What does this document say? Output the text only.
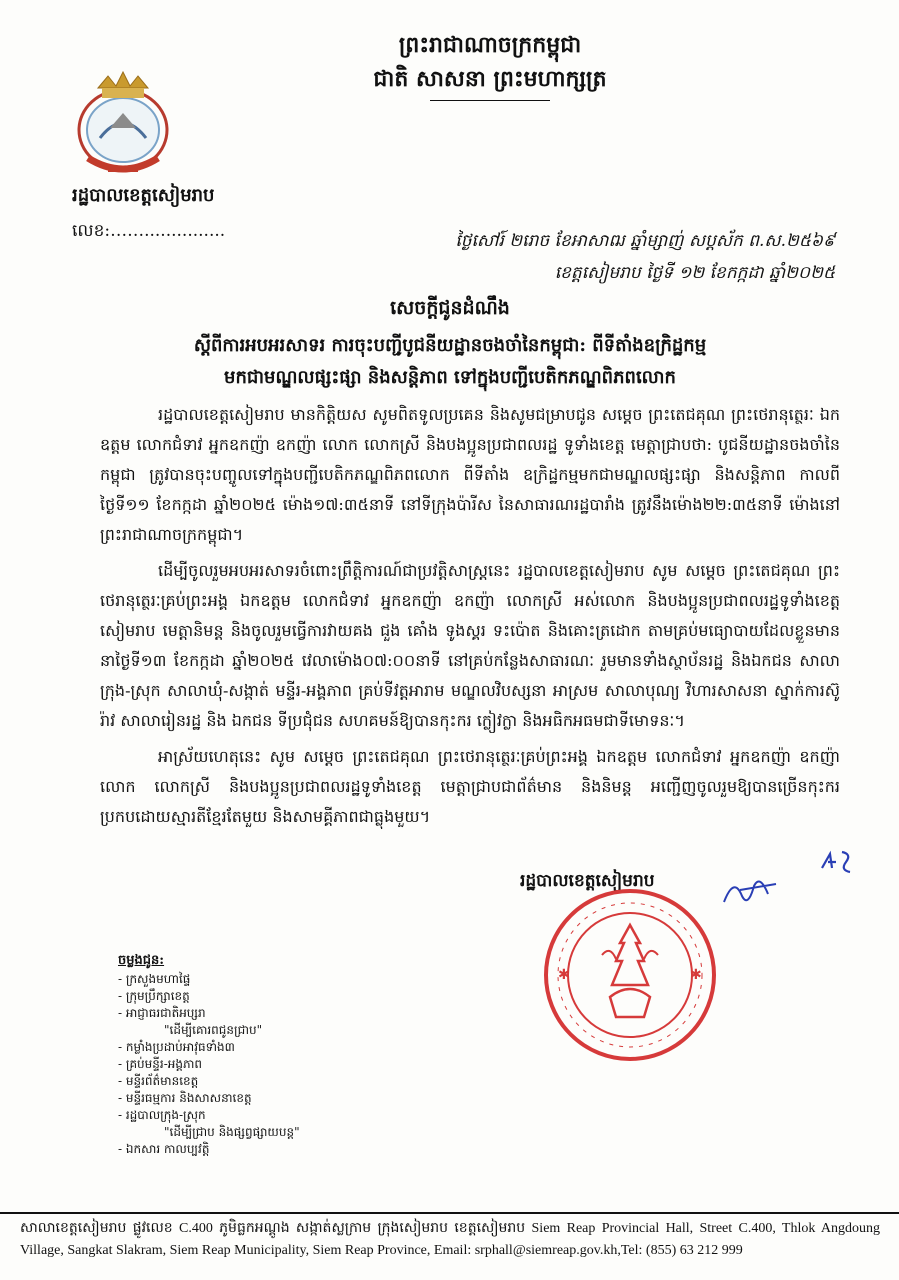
ព្រះរាជាណាចក្រកម្ពុជា
ជាតិ សាសនា ព្រះមហាក្សត្រ
រដ្ឋបាលខេត្តសៀមរាប
លេខ:……...............	ថ្ងៃសៅរ៍ ២រោច ខែអាសាឍ ឆ្នាំម្សាញ់ សប្តស័ក ព.ស.២៥៦៩
ខេត្តសៀមរាប ថ្ងៃទី ១២ ខែកក្កដា ឆ្នាំ២០២៥
សេចក្តីជូនដំណឹង
ស្តីពីការអបអរសាទរ ការចុះបញ្ជីបូជនីយដ្ឋានចងចាំនៃកម្ពុជា: ពីទីតាំងឧក្រិដ្ឋកម្ម
មកជាមណ្ឌលផ្សះផ្សា និងសន្តិភាព ទៅក្នុងបញ្ជីបេតិកភណ្ឌពិភពលោក

រដ្ឋបាលខេត្តសៀមរាប មានកិត្តិយស សូមពិតទូលប្រគេន និងសូមជម្រាបជូន សម្តេច ព្រះតេជគុណ ព្រះថេរានុត្ថេរៈ ឯកឧត្តម លោកជំទាវ អ្នកឧកញ៉ា ឧកញ៉ា លោក លោកស្រី និងបងប្អូនប្រជាពលរដ្ឋ ទូទាំងខេត្ត មេត្តាជ្រាបថា: បូជនីយដ្ឋានចងចាំនៃកម្ពុជា ត្រូវបានចុះបញ្ចូលទៅក្នុងបញ្ជីបេតិកភណ្ឌពិភពលោក ពីទីតាំង ឧក្រិដ្ឋកម្មមកជាមណ្ឌលផ្សះផ្សា និងសន្តិភាព កាលពីថ្ងៃទី១១ ខែកក្កដា ឆ្នាំ២០២៥ ម៉ោង១៧:៣៥នាទី នៅទីក្រុងប៉ារីស នៃសាធារណរដ្ឋបារាំង ត្រូវនឹងម៉ោង២២:៣៥នាទី ម៉ោងនៅព្រះរាជាណាចក្រកម្ពុជា។

ដើម្បីចូលរួមអបអរសាទរចំពោះព្រឹត្តិការណ៍ជាប្រវត្តិសាស្ត្រនេះ រដ្ឋបាលខេត្តសៀមរាប សូម សម្តេច ព្រះតេជគុណ ព្រះថេរានុត្ថេរៈគ្រប់ព្រះអង្គ ឯកឧត្តម លោកជំទាវ អ្នកឧកញ៉ា ឧកញ៉ា លោកស្រី អស់លោក និងបងប្អូនប្រជាពលរដ្ឋទូទាំងខេត្តសៀមរាប មេត្តានិមន្ត និងចូលរួមធ្វើការវាយគង ជួង គោំង ទូងស្គរ ទះប៉ោត និងគោះត្រដោក តាមគ្រប់មធ្យោបាយដែលខ្លួនមាន នាថ្ងៃទី១៣ ខែកក្កដា ឆ្នាំ២០២៥ វេលាម៉ោង០៧:០០នាទី នៅគ្រប់កន្លែងសាធារណៈ រួមមានទាំងស្ថាប័នរដ្ឋ និងឯកជន សាលាក្រុង-ស្រុក សាលាឃុំ-សង្កាត់ មន្ទីរ-អង្គភាព គ្រប់ទីវត្តអារាម មណ្ឌលវិបស្សនា អាស្រម សាលាបុណ្យ វិហារសាសនា ស្នាក់ការស៊ូរ៉ាវ សាលារៀនរដ្ឋ និង ឯកជន ទីប្រជុំជន សហគមន៍ឱ្យបានកុះករ ក្លៀវក្លា និងអធិកអធមជាទីមោទនៈ។

អាស្រ័យហេតុនេះ សូម សម្តេច ព្រះតេជគុណ ព្រះថេរានុត្ថេរៈគ្រប់ព្រះអង្គ ឯកឧត្តម លោកជំទាវ អ្នកឧកញ៉ា ឧកញ៉ា លោក លោកស្រី និងបងប្អូនប្រជាពលរដ្ឋទូទាំងខេត្ត មេត្តាជ្រាបជាព័ត៌មាន និងនិមន្ត អញ្ជើញចូលរួមឱ្យបានច្រើនកុះករប្រកបដោយស្មារតីខ្មែរតែមួយ និងសាមគ្គីភាពជាធ្លុងមួយ។

រដ្ឋបាលខេត្តសៀមរាប
✱	✱
ចម្លងជូន:
- ក្រសួងមហាផ្ទៃ
- ក្រុមប្រឹក្សាខេត្ត
- អាជ្ញាធរជាតិអប្សរា
"ដើម្បីគោរពជូនជ្រាប"
- កម្លាំងប្រដាប់អាវុធទាំង៣
- គ្រប់មន្ទីរ-អង្គភាព
- មន្ទីរព័ត៌មានខេត្ត
- មន្ទីរធម្មការ និងសាសនាខេត្ត
- រដ្ឋបាលក្រុង-ស្រុក
"ដើម្បីជ្រាប និងផ្សព្វផ្សាយបន្ត"
- ឯកសារ កាលប្បវត្តិ
សាលាខេត្តសៀមរាប ផ្លូវលេខ C.400 ភូមិធ្លកអណ្តូង សង្កាត់ស្លក្រាម ក្រុងសៀមរាប ខេត្តសៀមរាប Siem Reap Provincial Hall, Street C.400, Thlok Angdoung Village, Sangkat Slakram, Siem Reap Municipality, Siem Reap Province, Email: srphall@siemreap.gov.kh,Tel: (855) 63 212 999
